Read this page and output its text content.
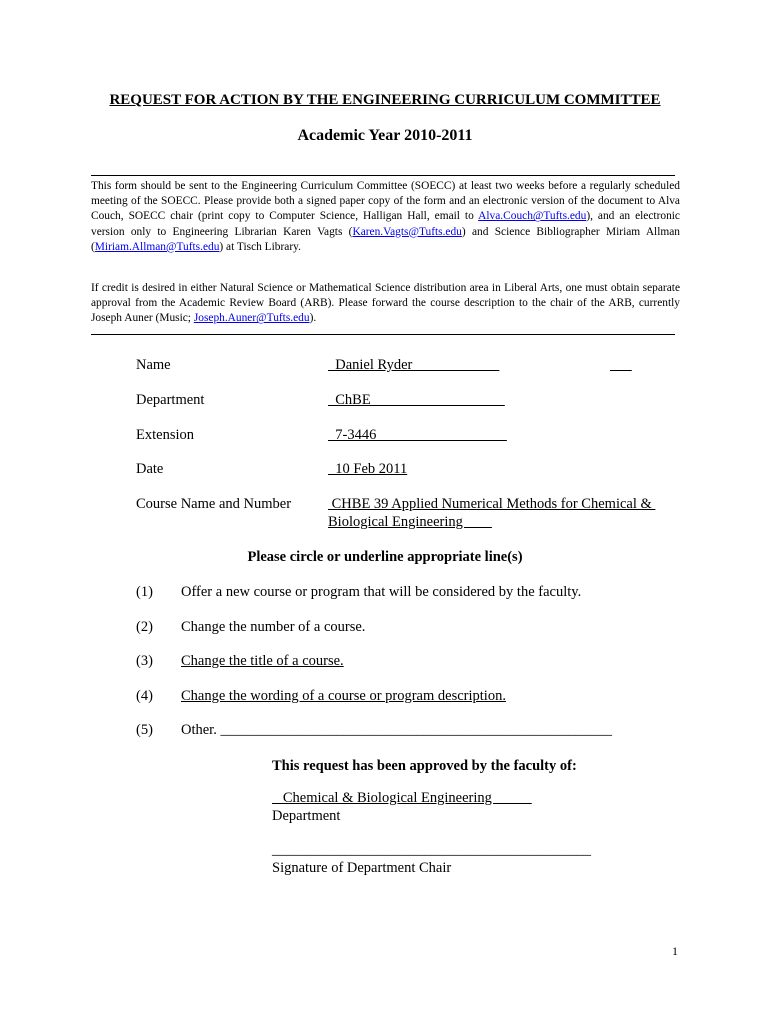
REQUEST FOR ACTION BY THE ENGINEERING CURRICULUM COMMITTEE
Academic Year 2010-2011
This form should be sent to the Engineering Curriculum Committee (SOECC) at least two weeks before a regularly scheduled meeting of the SOECC. Please provide both a signed paper copy of the form and an electronic version of the document to Alva Couch, SOECC chair (print copy to Computer Science, Halligan Hall, email to Alva.Couch@Tufts.edu), and an electronic version only to Engineering Librarian Karen Vagts (Karen.Vagts@Tufts.edu) and Science Bibliographer Miriam Allman (Miriam.Allman@Tufts.edu) at Tisch Library.
If credit is desired in either Natural Science or Mathematical Science distribution area in Liberal Arts, one must obtain separate approval from the Academic Review Board (ARB). Please forward the course description to the chair of the ARB, currently Joseph Auner (Music; Joseph.Auner@Tufts.edu).
Name	Daniel Ryder

Department	ChBE
Extension	7-3446
Date	10 Feb 2011
Course Name and Number	CHBE 39 Applied Numerical Methods for Chemical &
Biological Engineering
Please circle or underline appropriate line(s)
(1) Offer a new course or program that will be considered by the faculty.
(2) Change the number of a course.
(3) Change the title of a course.
(4) Change the wording of a course or program description.
(5) Other. ______________________________________________________
This request has been approved by the faculty of:
Chemical & Biological Engineering
Department
____________________________________________
Signature of Department Chair
1
